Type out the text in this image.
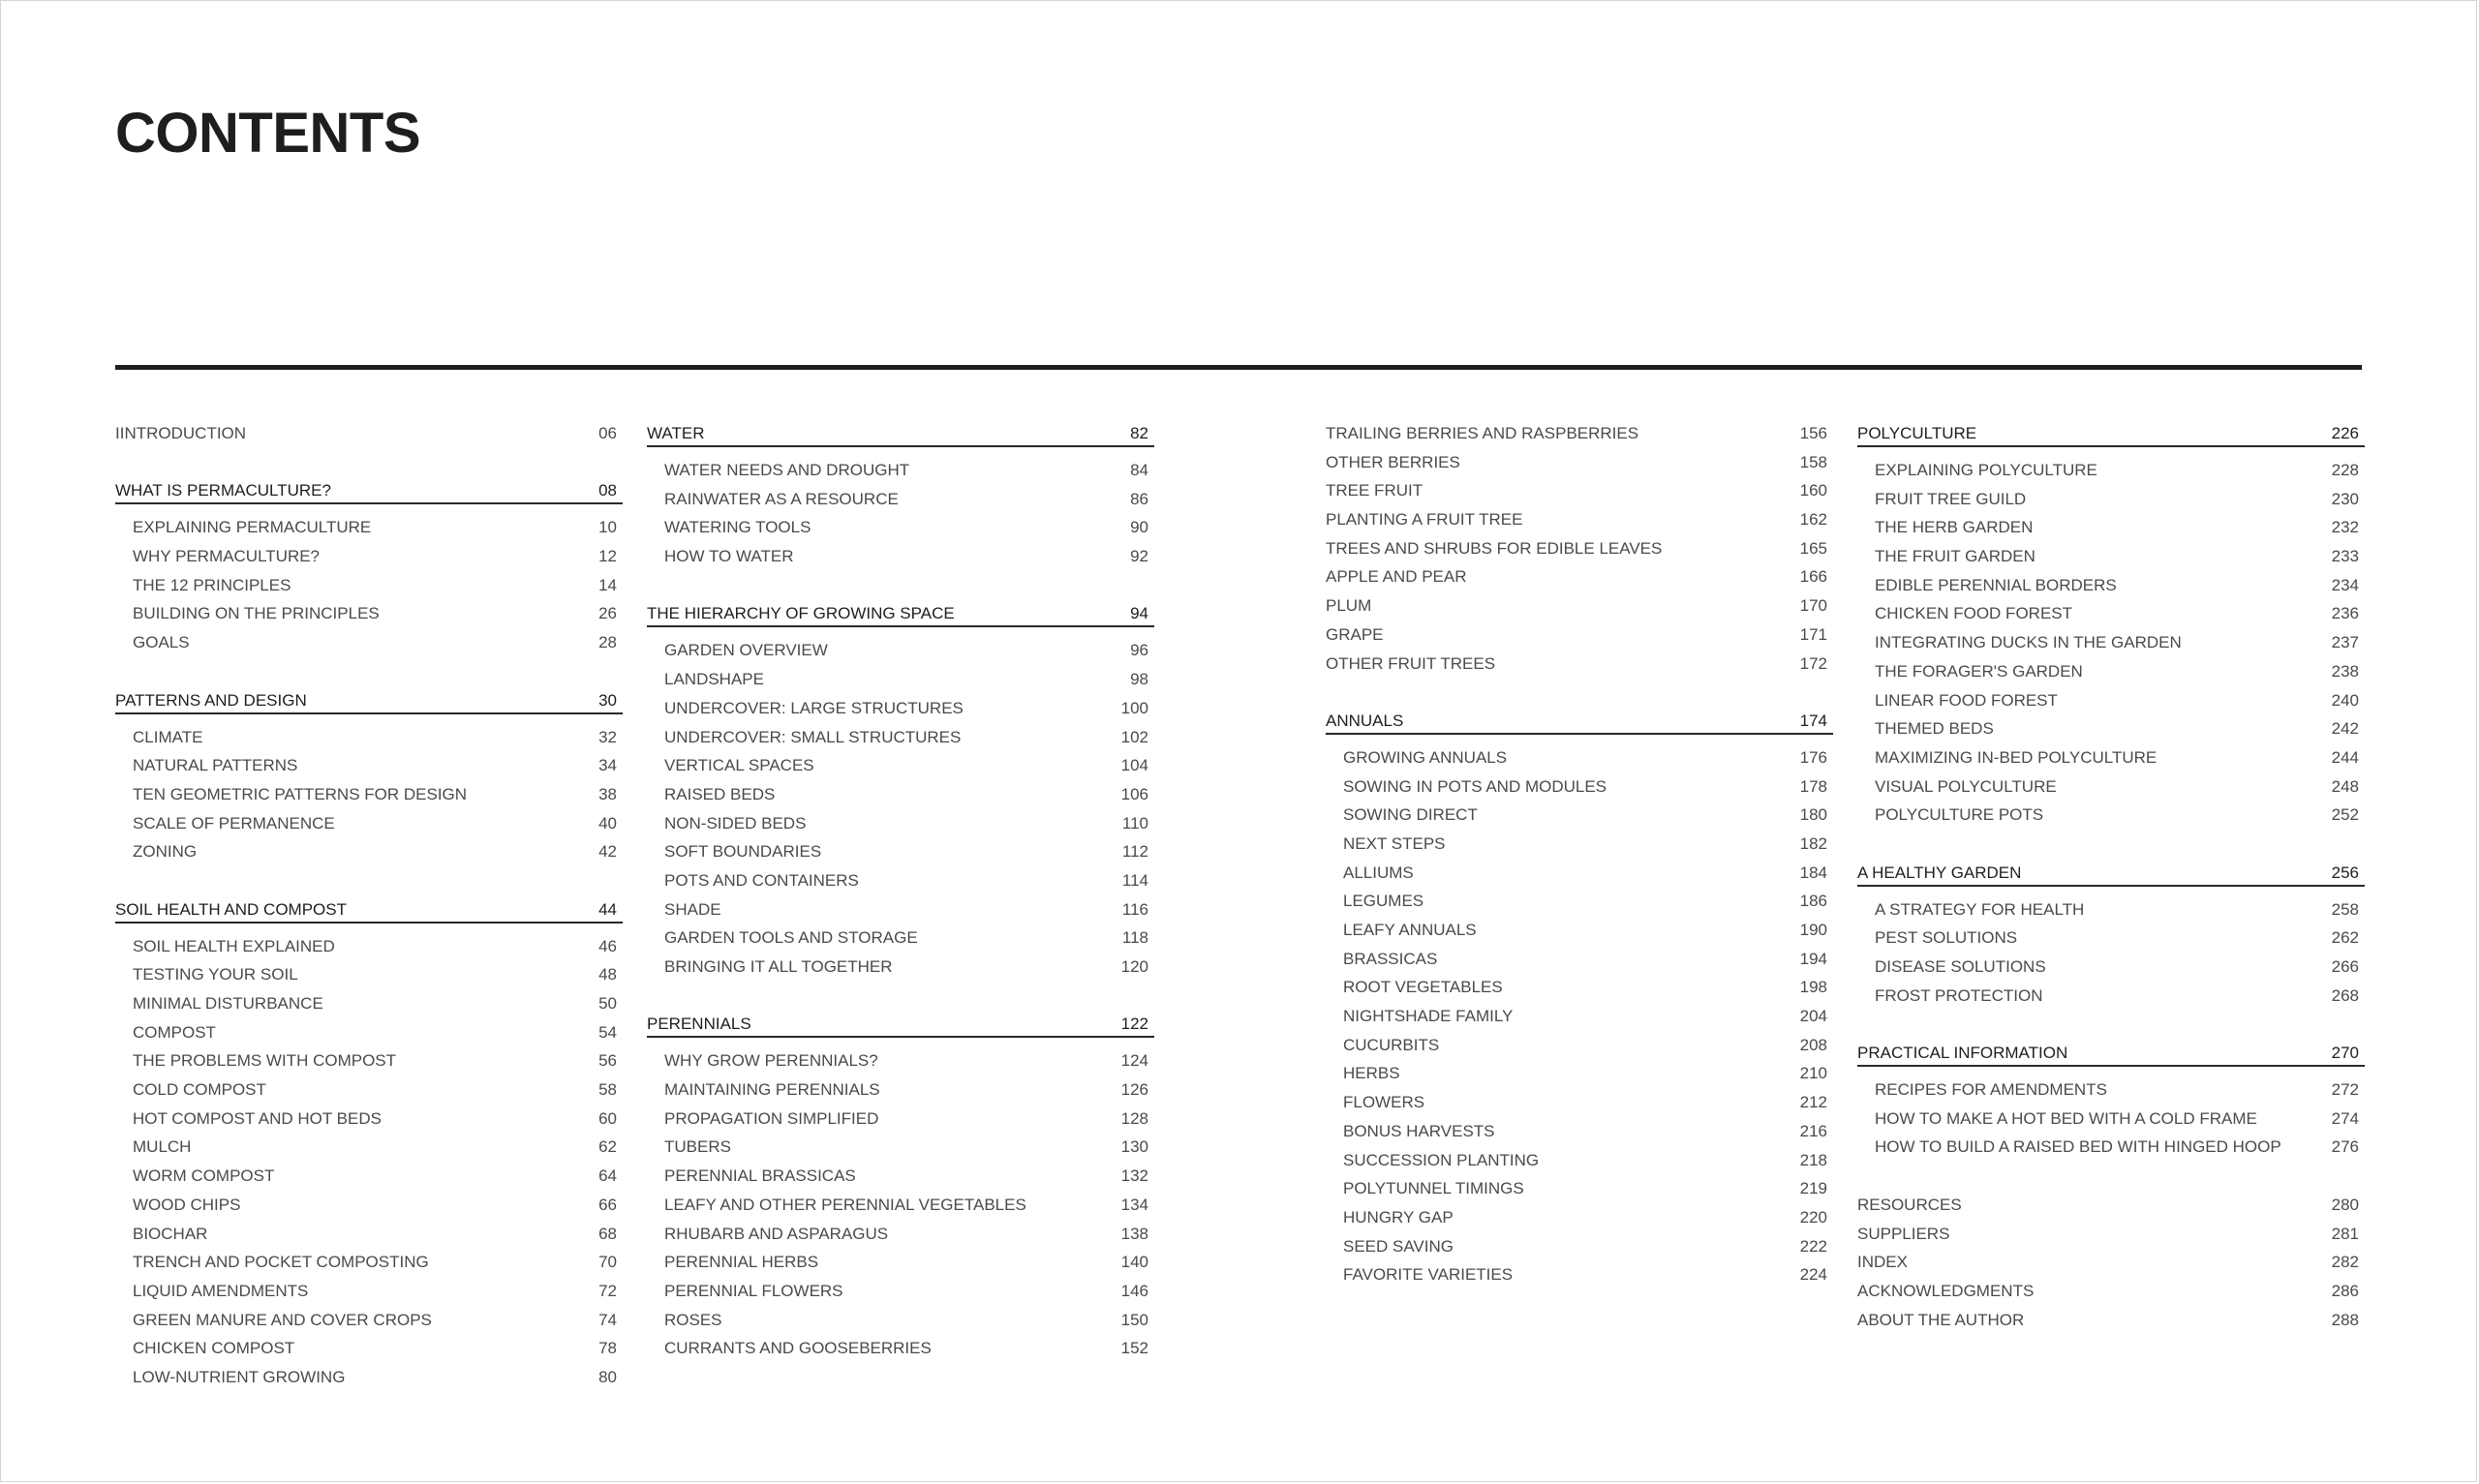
CONTENTS
IINTRODUCTION	06
WHAT IS PERMACULTURE?	08
EXPLAINING PERMACULTURE	10
WHY PERMACULTURE?	12
THE 12 PRINCIPLES	14
BUILDING ON THE PRINCIPLES	26
GOALS	28
PATTERNS AND DESIGN	30
CLIMATE	32
NATURAL PATTERNS	34
TEN GEOMETRIC PATTERNS FOR DESIGN	38
SCALE OF PERMANENCE	40
ZONING	42
SOIL HEALTH AND COMPOST	44
SOIL HEALTH EXPLAINED	46
TESTING YOUR SOIL	48
MINIMAL DISTURBANCE	50
COMPOST	54
THE PROBLEMS WITH COMPOST	56
COLD COMPOST	58
HOT COMPOST AND HOT BEDS	60
MULCH	62
WORM COMPOST	64
WOOD CHIPS	66
BIOCHAR	68
TRENCH AND POCKET COMPOSTING	70
LIQUID AMENDMENTS	72
GREEN MANURE AND COVER CROPS	74
CHICKEN COMPOST	78
LOW-NUTRIENT GROWING	80
WATER	82
WATER NEEDS AND DROUGHT	84
RAINWATER AS A RESOURCE	86
WATERING TOOLS	90
HOW TO WATER	92
THE HIERARCHY OF GROWING SPACE	94
GARDEN OVERVIEW	96
LANDSHAPE	98
UNDERCOVER: LARGE STRUCTURES	100
UNDERCOVER: SMALL STRUCTURES	102
VERTICAL SPACES	104
RAISED BEDS	106
NON-SIDED BEDS	110
SOFT BOUNDARIES	112
POTS AND CONTAINERS	114
SHADE	116
GARDEN TOOLS AND STORAGE	118
BRINGING IT ALL TOGETHER	120
PERENNIALS	122
WHY GROW PERENNIALS?	124
MAINTAINING PERENNIALS	126
PROPAGATION SIMPLIFIED	128
TUBERS	130
PERENNIAL BRASSICAS	132
LEAFY AND OTHER PERENNIAL VEGETABLES	134
RHUBARB AND ASPARAGUS	138
PERENNIAL HERBS	140
PERENNIAL FLOWERS	146
ROSES	150
CURRANTS AND GOOSEBERRIES	152
TRAILING BERRIES AND RASPBERRIES	156
OTHER BERRIES	158
TREE FRUIT	160
PLANTING A FRUIT TREE	162
TREES AND SHRUBS FOR EDIBLE LEAVES	165
APPLE AND PEAR	166
PLUM	170
GRAPE	171
OTHER FRUIT TREES	172
ANNUALS	174
GROWING ANNUALS	176
SOWING IN POTS AND MODULES	178
SOWING DIRECT	180
NEXT STEPS	182
ALLIUMS	184
LEGUMES	186
LEAFY ANNUALS	190
BRASSICAS	194
ROOT VEGETABLES	198
NIGHTSHADE FAMILY	204
CUCURBITS	208
HERBS	210
FLOWERS	212
BONUS HARVESTS	216
SUCCESSION PLANTING	218
POLYTUNNEL TIMINGS	219
HUNGRY GAP	220
SEED SAVING	222
FAVORITE VARIETIES	224
POLYCULTURE	226
EXPLAINING POLYCULTURE	228
FRUIT TREE GUILD	230
THE HERB GARDEN	232
THE FRUIT GARDEN	233
EDIBLE PERENNIAL BORDERS	234
CHICKEN FOOD FOREST	236
INTEGRATING DUCKS IN THE GARDEN	237
THE FORAGER'S GARDEN	238
LINEAR FOOD FOREST	240
THEMED BEDS	242
MAXIMIZING IN-BED POLYCULTURE	244
VISUAL POLYCULTURE	248
POLYCULTURE POTS	252
A HEALTHY GARDEN	256
A STRATEGY FOR HEALTH	258
PEST SOLUTIONS	262
DISEASE SOLUTIONS	266
FROST PROTECTION	268
PRACTICAL INFORMATION	270
RECIPES FOR AMENDMENTS	272
HOW TO MAKE A HOT BED WITH A COLD FRAME	274
HOW TO BUILD A RAISED BED WITH HINGED HOOP	276
RESOURCES	280
SUPPLIERS	281
INDEX	282
ACKNOWLEDGMENTS	286
ABOUT THE AUTHOR	288
